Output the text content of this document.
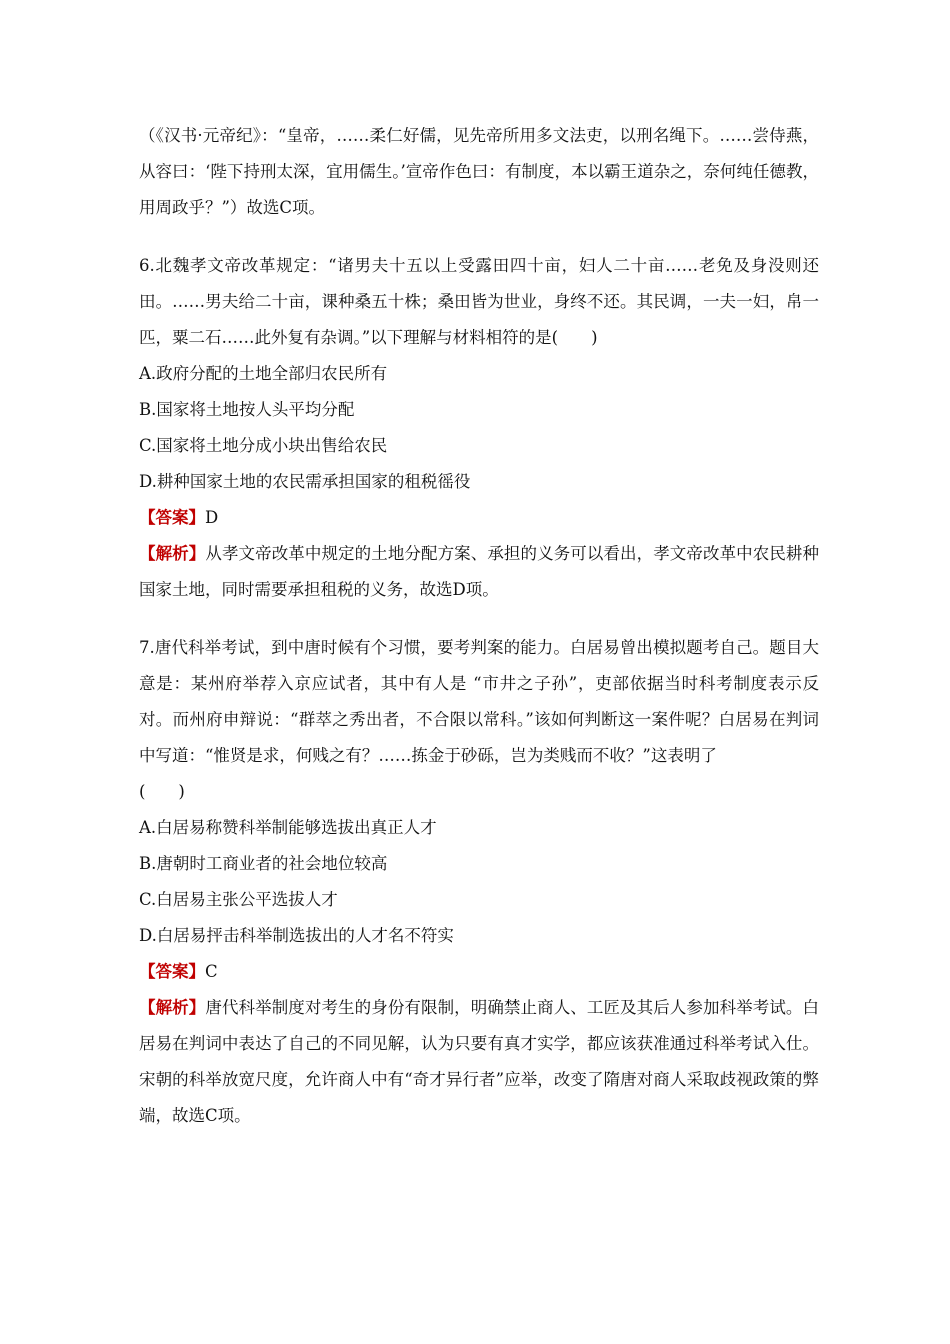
（《汉书·元帝纪》：“皇帝，……柔仁好儒，见先帝所用多文法吏，以刑名绳下。……尝侍燕，从容曰：‘陛下持刑太深，宜用儒生。’宣帝作色曰：有制度，本以霸王道杂之，奈何纯任德教，用周政乎？”）故选C项。

6.北魏孝文帝改革规定：“诸男夫十五以上受露田四十亩，妇人二十亩……老免及身没则还田。……男夫给二十亩，课种桑五十株；桑田皆为世业，身终不还。其民调，一夫一妇，帛一匹，粟二石……此外复有杂调。”以下理解与材料相符的是(　　)

A.政府分配的土地全部归农民所有

B.国家将土地按人头平均分配

C.国家将土地分成小块出售给农民

D.耕种国家土地的农民需承担国家的租税徭役

【答案】D

【解析】从孝文帝改革中规定的土地分配方案、承担的义务可以看出，孝文帝改革中农民耕种国家土地，同时需要承担租税的义务，故选D项。

7.唐代科举考试，到中唐时候有个习惯，要考判案的能力。白居易曾出模拟题考自己。题目大意是：某州府举荐入京应试者，其中有人是 “市井之子孙”，吏部依据当时科考制度表示反对。而州府申辩说：“群萃之秀出者，不合限以常科。”该如何判断这一案件呢？白居易在判词中写道：“惟贤是求，何贱之有？……拣金于砂砾，岂为类贱而不收？”这表明了

(　　)

A.白居易称赞科举制能够选拔出真正人才

B.唐朝时工商业者的社会地位较高

C.白居易主张公平选拔人才

D.白居易抨击科举制选拔出的人才名不符实

【答案】C

【解析】唐代科举制度对考生的身份有限制，明确禁止商人、工匠及其后人参加科举考试。白居易在判词中表达了自己的不同见解，认为只要有真才实学，都应该获准通过科举考试入仕。宋朝的科举放宽尺度，允许商人中有“奇才异行者”应举，改变了隋唐对商人采取歧视政策的弊端，故选C项。
